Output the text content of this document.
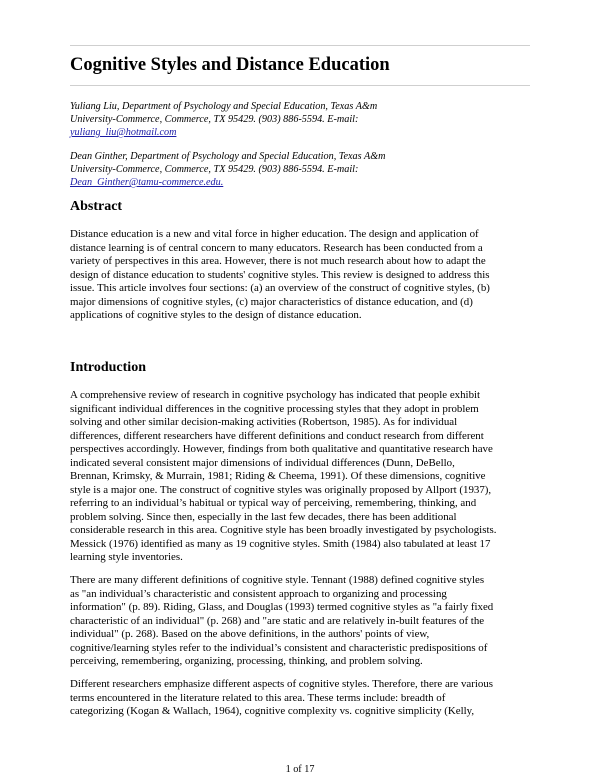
Cognitive Styles and Distance Education
Yuliang Liu, Department of Psychology and Special Education, Texas A&m
University-Commerce, Commerce, TX 95429. (903) 886-5594. E-mail:
yuliang_liu@hotmail.com
Dean Ginther, Department of Psychology and Special Education, Texas A&m
University-Commerce, Commerce, TX 95429. (903) 886-5594. E-mail:
Dean_Ginther@tamu-commerce.edu.
Abstract
Distance education is a new and vital force in higher education. The design and application of
distance learning is of central concern to many educators. Research has been conducted from a
variety of perspectives in this area. However, there is not much research about how to adapt the
design of distance education to students' cognitive styles. This review is designed to address this
issue. This article involves four sections: (a) an overview of the construct of cognitive styles, (b)
major dimensions of cognitive styles, (c) major characteristics of distance education, and (d)
applications of cognitive styles to the design of distance education.
Introduction
A comprehensive review of research in cognitive psychology has indicated that people exhibit
significant individual differences in the cognitive processing styles that they adopt in problem
solving and other similar decision-making activities (Robertson, 1985). As for individual
differences, different researchers have different definitions and conduct research from different
perspectives accordingly. However, findings from both qualitative and quantitative research have
indicated several consistent major dimensions of individual differences (Dunn, DeBello,
Brennan, Krimsky, & Murrain, 1981; Riding & Cheema, 1991). Of these dimensions, cognitive
style is a major one. The construct of cognitive styles was originally proposed by Allport (1937),
referring to an individual’s habitual or typical way of perceiving, remembering, thinking, and
problem solving. Since then, especially in the last few decades, there has been additional
considerable research in this area. Cognitive style has been broadly investigated by psychologists.
Messick (1976) identified as many as 19 cognitive styles. Smith (1984) also tabulated at least 17
learning style inventories.
There are many different definitions of cognitive style. Tennant (1988) defined cognitive styles
as "an individual’s characteristic and consistent approach to organizing and processing
information" (p. 89). Riding, Glass, and Douglas (1993) termed cognitive styles as "a fairly fixed
characteristic of an individual" (p. 268) and "are static and are relatively in-built features of the
individual" (p. 268). Based on the above definitions, in the authors' points of view,
cognitive/learning styles refer to the individual’s consistent and characteristic predispositions of
perceiving, remembering, organizing, processing, thinking, and problem solving.
Different researchers emphasize different aspects of cognitive styles. Therefore, there are various
terms encountered in the literature related to this area. These terms include: breadth of
categorizing (Kogan & Wallach, 1964), cognitive complexity vs. cognitive simplicity (Kelly,
1 of 17
